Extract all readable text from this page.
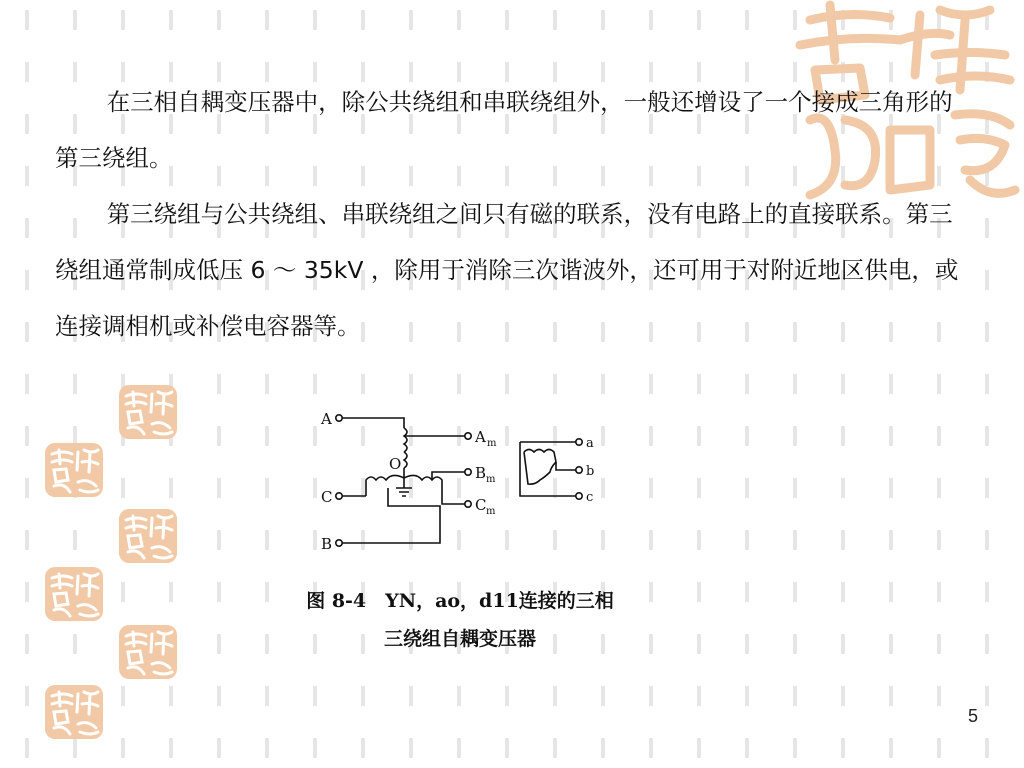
在三相自耦变压器中，除公共绕组和串联绕组外，一般还增设了一个接成三角形的第三绕组。
第三绕组与公共绕组、串联绕组之间只有磁的联系，没有电路上的直接联系。第三绕组通常制成低压 6 ～ 35kV ，除用于消除三次谐波外，还可用于对附近地区供电，或连接调相机或补偿电容器等。
A
A m
O	B m
C	C m
B
a
b
c
图 8-4　YN，ao，d11连接的三相
三绕组自耦变压器
5
